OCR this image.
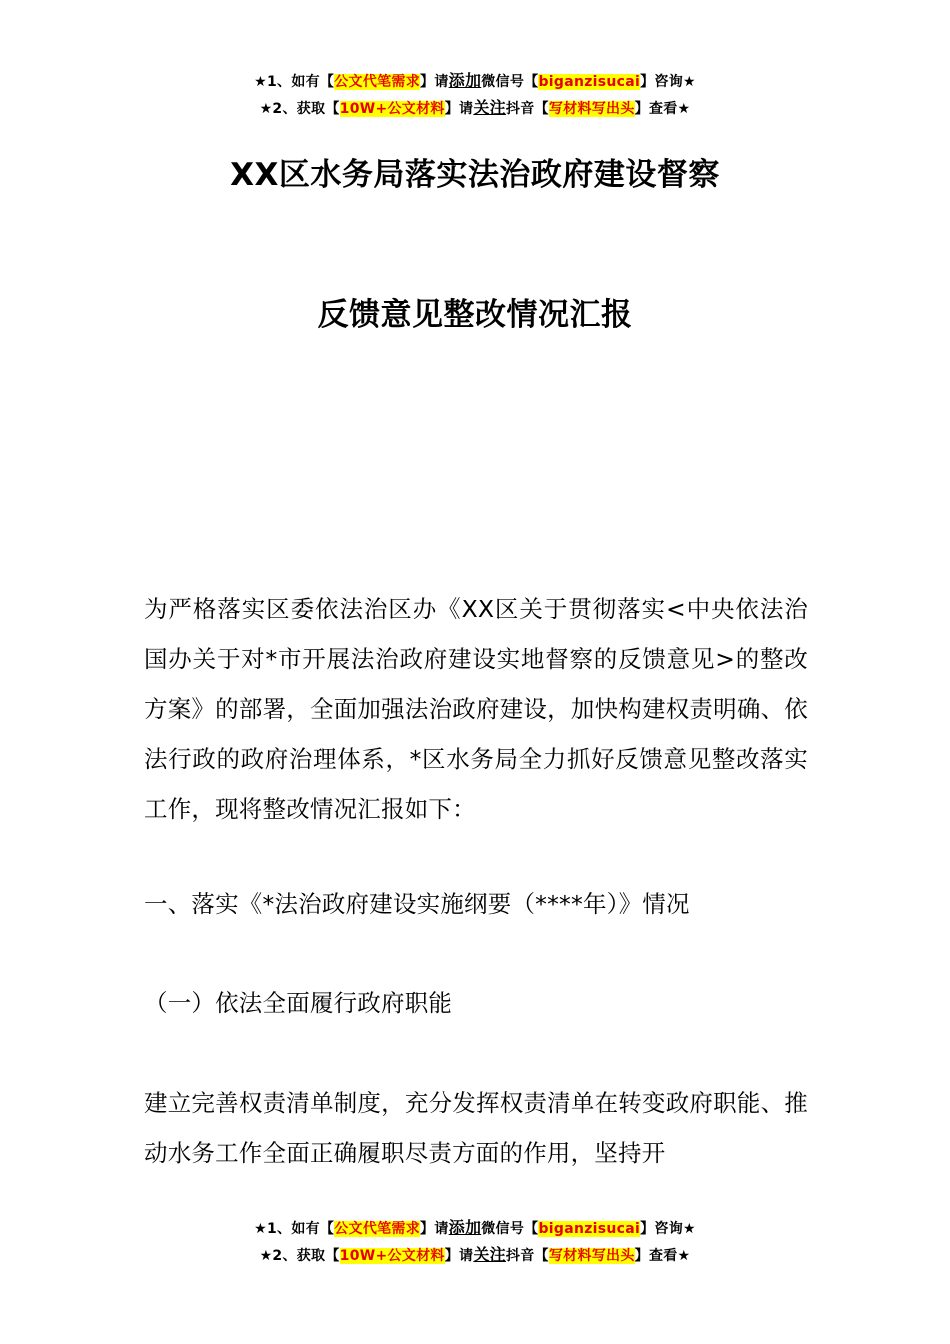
★1、如有【公文代笔需求】请添加微信号【biganzisucai】咨询★
★2、获取【10W+公文材料】请关注抖音【写材料写出头】查看★
XX区水务局落实法治政府建设督察
反馈意见整改情况汇报

为严格落实区委依法治区办《XX区关于贯彻落实<中央依法治国办关于对*市开展法治政府建设实地督察的反馈意见>的整改方案》的部署，全面加强法治政府建设，加快构建权责明确、依法行政的政府治理体系，*区水务局全力抓好反馈意见整改落实工作，现将整改情况汇报如下：

一、落实《*法治政府建设实施纲要（****年）》情况

（一）依法全面履行政府职能

建立完善权责清单制度，充分发挥权责清单在转变政府职能、推动水务工作全面正确履职尽责方面的作用，坚持开

★1、如有【公文代笔需求】请添加微信号【biganzisucai】咨询★
★2、获取【10W+公文材料】请关注抖音【写材料写出头】查看★
